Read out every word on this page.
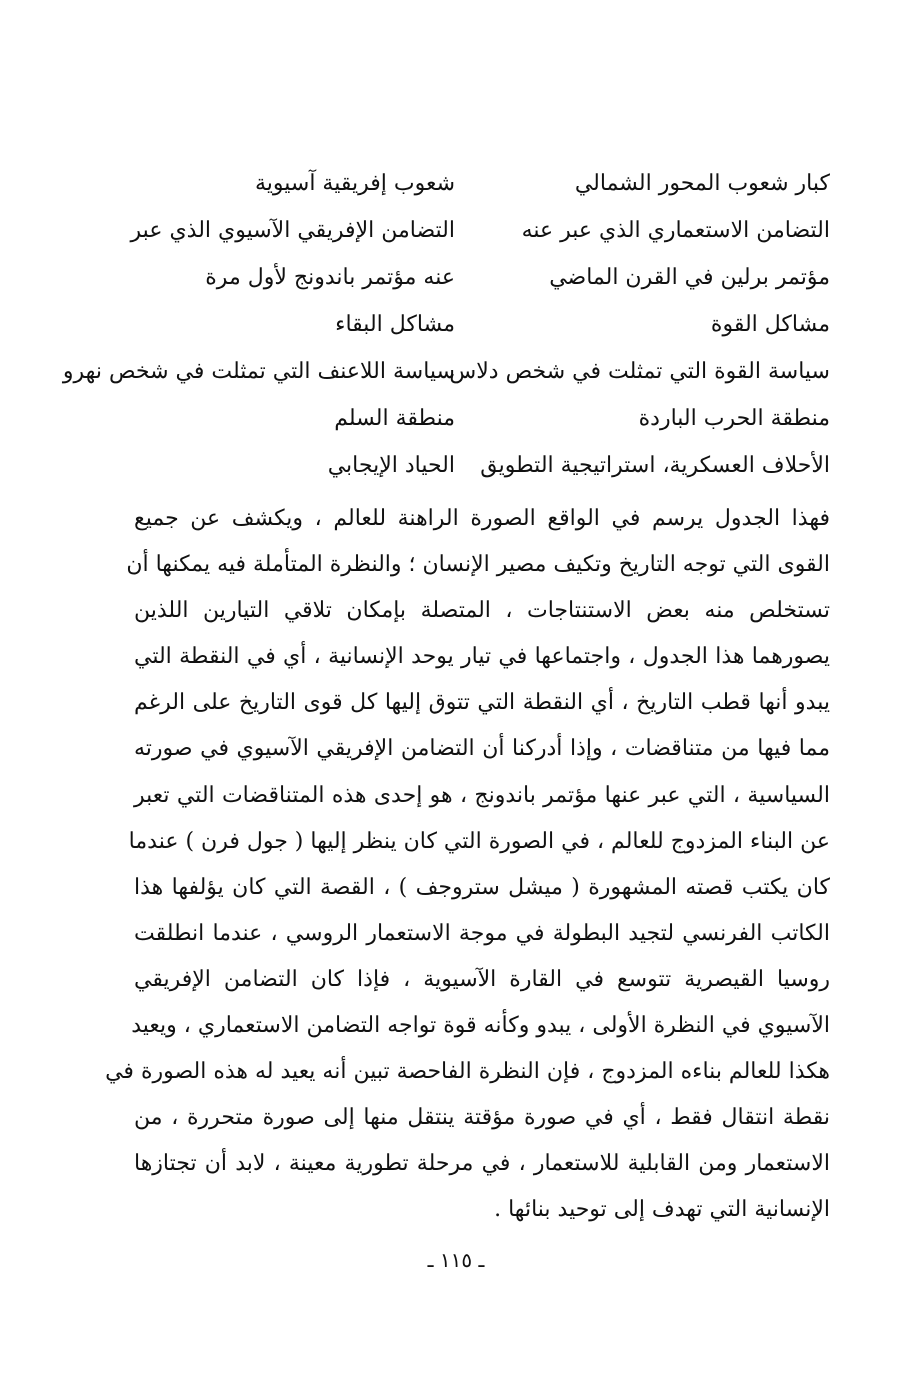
كبار شعوب المحور الشمالي
شعوب إفريقية آسيوية
التضامن الاستعماري الذي عبر عنه
التضامن الإفريقي الآسيوي الذي عبر
مؤتمر برلين في القرن الماضي
عنه مؤتمر باندونج لأول مرة
مشاكل القوة
مشاكل البقاء
سياسة القوة التي تمثلت في شخص دلاس
سياسة اللاعنف التي تمثلت في شخص نهرو
منطقة الحرب الباردة
منطقة السلم
الأحلاف العسكرية، استراتيجية التطويق
الحياد الإيجابي
فهذا الجدول يرسم في الواقع الصورة الراهنة للعالم ، ويكشف عن جميع
القوى التي توجه التاريخ وتكيف مصير الإنسان ؛ والنظرة المتأملة فيه يمكنها أن
تستخلص منه بعض الاستنتاجات ، المتصلة بإمكان تلاقي التيارين اللذين
يصورهما هذا الجدول ، واجتماعها في تيار يوحد الإنسانية ، أي في النقطة التي
يبدو أنها قطب التاريخ ، أي النقطة التي تتوق إليها كل قوى التاريخ على الرغم
مما فيها من متناقضات ، وإذا أدركنا أن التضامن الإفريقي الآسيوي في صورته
السياسية ، التي عبر عنها مؤتمر باندونج ، هو إحدى هذه المتناقضات التي تعبر
عن البناء المزدوج للعالم ، في الصورة التي كان ينظر إليها ( جول فرن ) عندما
كان يكتب قصته المشهورة ( ميشل ستروجف ) ، القصة التي كان يؤلفها هذا
الكاتب الفرنسي لتجيد البطولة في موجة الاستعمار الروسي ، عندما انطلقت
روسيا القيصرية تتوسع في القارة الآسيوية ، فإذا كان التضامن الإفريقي
الآسيوي في النظرة الأولى ، يبدو وكأنه قوة تواجه التضامن الاستعماري ، ويعيد
هكذا للعالم بناءه المزدوج ، فإن النظرة الفاحصة تبين أنه يعيد له هذه الصورة في
نقطة انتقال فقط ، أي في صورة مؤقتة ينتقل منها إلى صورة متحررة ، من
الاستعمار ومن القابلية للاستعمار ، في مرحلة تطورية معينة ، لابد أن تجتازها
الإنسانية التي تهدف إلى توحيد بنائها .
ـ ١١٥ ـ
